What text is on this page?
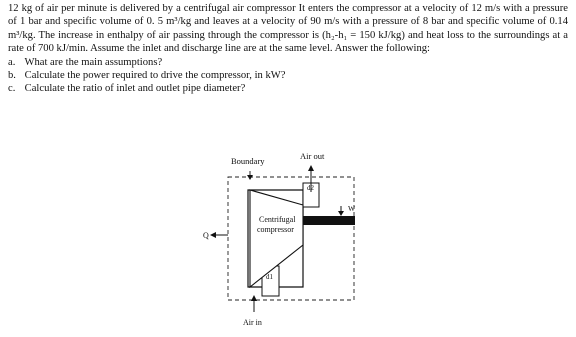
12 kg of air per minute is delivered by a centrifugal air compressor It enters the compressor at a velocity of 12 m/s with a pressure of 1 bar and specific volume of 0. 5 m³/kg and leaves at a velocity of 90 m/s with a pressure of 8 bar and specific volume of 0.14 m³/kg. The increase in enthalpy of air passing through the compressor is (h₂-h₁ = 150 kJ/kg) and heat loss to the surroundings at a rate of 700 kJ/min. Assume the inlet and discharge line are at the same level. Answer the following:

a. What are the main assumptions?
b. Calculate the power required to drive the compressor, in kW?
c. Calculate the ratio of inlet and outlet pipe diameter?
Boundary	Air out
d2
W
Centrifugal
compressor
Q
d1
Air in
